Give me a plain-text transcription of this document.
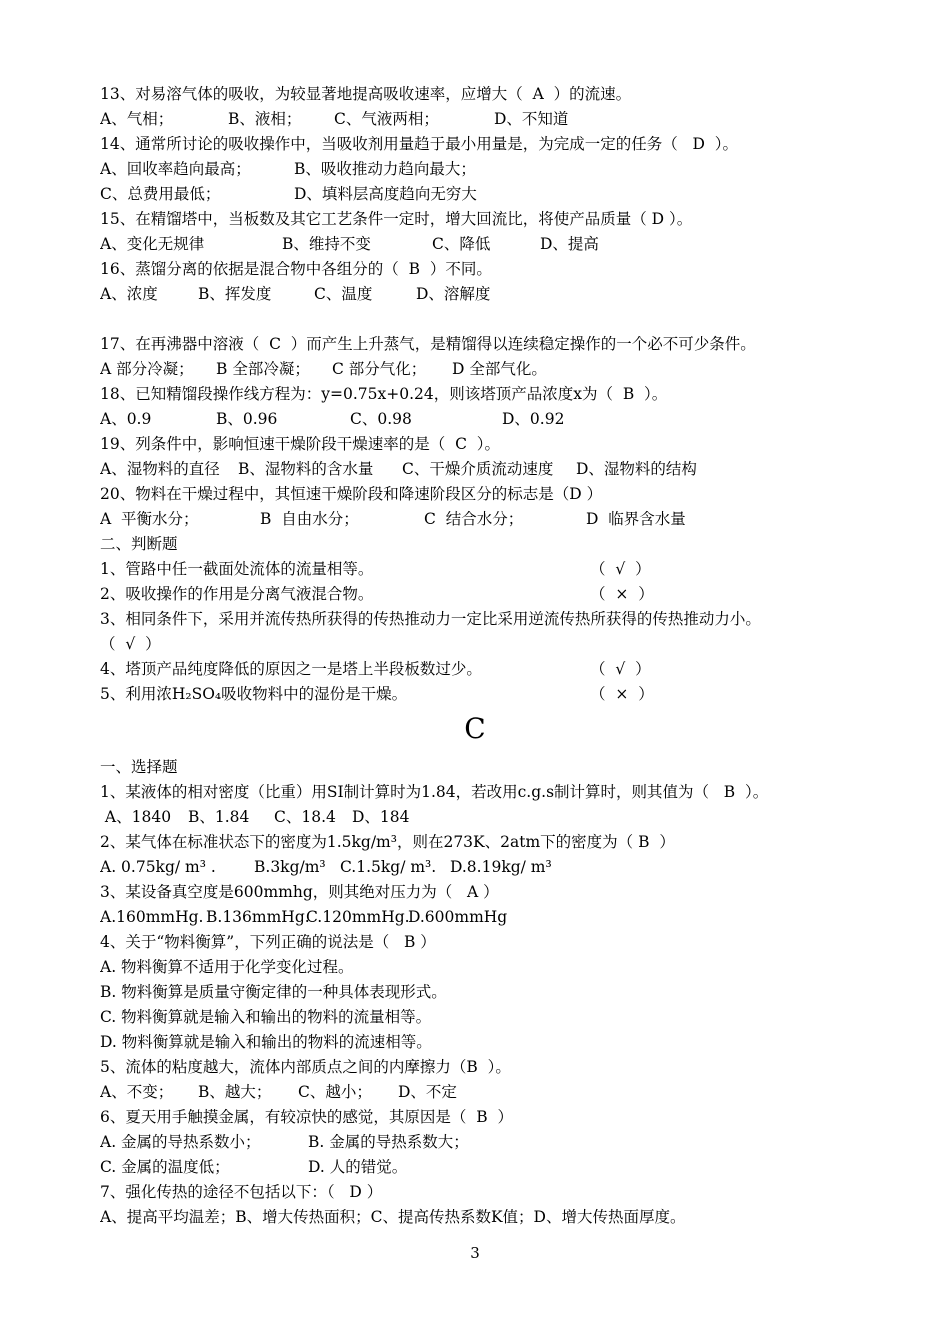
13、对易溶气体的吸收，为较显著地提高吸收速率，应增大（  A  ）的流速。
A、气相；	B、液相； C、气液两相；	D、不知道
14、通常所讨论的吸收操作中，当吸收剂用量趋于最小用量是，为完成一定的任务（   D  ）。
A、回收率趋向最高；	B、吸收推动力趋向最大；
C、总费用最低；	D、填料层高度趋向无穷大
15、在精馏塔中，当板数及其它工艺条件一定时，增大回流比，将使产品质量（ D ）。
A、变化无规律	B、维持不变	C、降低	D、提高
16、蒸馏分离的依据是混合物中各组分的（  B  ）不同。
A、浓度	B、挥发度	C、温度	D、溶解度
17、在再沸器中溶液（  C  ）而产生上升蒸气，是精馏得以连续稳定操作的一个必不可少条件。
A 部分冷凝； B 全部冷凝； C 部分气化； D 全部气化。
18、已知精馏段操作线方程为：y=0.75x+0.24，则该塔顶产品浓度x为（  B  ）。
A、0.9	B、0.96	C、0.98	D、0.92
19、列条件中，影响恒速干燥阶段干燥速率的是（  C  ）。
A、湿物料的直径 B、湿物料的含水量 C、干燥介质流动速度 D、湿物料的结构
20、物料在干燥过程中，其恒速干燥阶段和降速阶段区分的标志是（D ）
A  平衡水分；	B  自由水分；	C  结合水分；	D  临界含水量
二、判断题
1、管路中任一截面处流体的流量相等。	（  √  ）
2、吸收操作的作用是分离气液混合物。	（  ×  ）
3、相同条件下，采用并流传热所获得的传热推动力一定比采用逆流传热所获得的传热推动力小。
（  √  ）
4、塔顶产品纯度降低的原因之一是塔上半段板数过少。	（  √  ）
5、利用浓H₂SO₄吸收物料中的湿份是干燥。	（  ×  ）
C
一、选择题
1、某液体的相对密度（比重）用SI制计算时为1.84，若改用c.g.s制计算时，则其值为（   B  ）。
A、1840 B、1.84 C、18.4 D、184
2、某气体在标准状态下的密度为1.5kg/m³，则在273K、2atm下的密度为（ B  ）
A. 0.75kg/ m³ . B.3kg/m³ C.1.5kg/ m³. D.8.19kg/ m³
3、某设备真空度是600mmhg，则其绝对压力为（   A ）
A.160mmHg. B.136mmHg.C.120mmHg.D.600mmHg
4、关于“物料衡算”，下列正确的说法是（   B ）
A. 物料衡算不适用于化学变化过程。
B. 物料衡算是质量守衡定律的一种具体表现形式。
C. 物料衡算就是输入和输出的物料的流量相等。
D. 物料衡算就是输入和输出的物料的流速相等。
5、流体的粘度越大，流体内部质点之间的内摩擦力（B  ）。
A、不变； B、越大； C、越小； D、不定
6、夏天用手触摸金属，有较凉快的感觉，其原因是（  B  ）
A. 金属的导热系数小；	B. 金属的导热系数大；
C. 金属的温度低；	D. 人的错觉。
7、强化传热的途径不包括以下：（   D ）
A、提高平均温差；B、增大传热面积；C、提高传热系数K值；D、增大传热面厚度。
3
